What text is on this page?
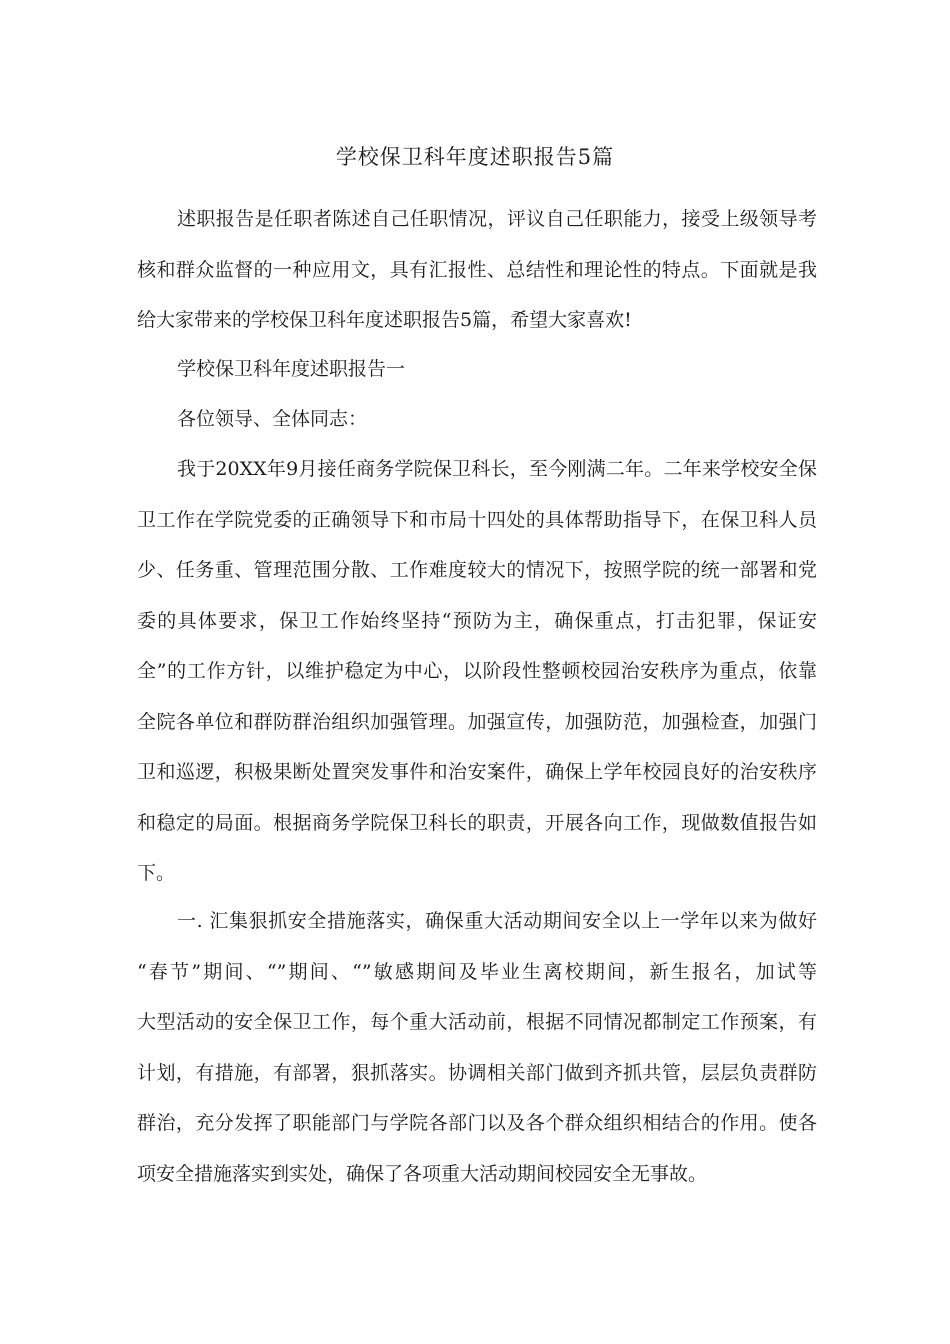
学校保卫科年度述职报告5篇
述职报告是任职者陈述自己任职情况，评议自己任职能力，接受上级领导考
核和群众监督的一种应用文，具有汇报性、总结性和理论性的特点。下面就是我
给大家带来的学校保卫科年度述职报告5篇，希望大家喜欢!
学校保卫科年度述职报告一
各位领导、全体同志：
我于20XX年9月接任商务学院保卫科长，至今刚满二年。二年来学校安全保
卫工作在学院党委的正确领导下和市局十四处的具体帮助指导下，在保卫科人员
少、任务重、管理范围分散、工作难度较大的情况下，按照学院的统一部署和党
委的具体要求，保卫工作始终坚持“预防为主，确保重点，打击犯罪，保证安
全”的工作方针，以维护稳定为中心，以阶段性整顿校园治安秩序为重点，依靠
全院各单位和群防群治组织加强管理。加强宣传，加强防范，加强检查，加强门
卫和巡逻，积极果断处置突发事件和治安案件，确保上学年校园良好的治安秩序
和稳定的局面。根据商务学院保卫科长的职责，开展各向工作，现做数值报告如
下。
一. 汇集狠抓安全措施落实，确保重大活动期间安全以上一学年以来为做好
“春节”期间、“”期间、“”敏感期间及毕业生离校期间，新生报名，加试等
大型活动的安全保卫工作，每个重大活动前，根据不同情况都制定工作预案，有
计划，有措施，有部署，狠抓落实。协调相关部门做到齐抓共管，层层负责群防
群治，充分发挥了职能部门与学院各部门以及各个群众组织相结合的作用。使各
项安全措施落实到实处，确保了各项重大活动期间校园安全无事故。
